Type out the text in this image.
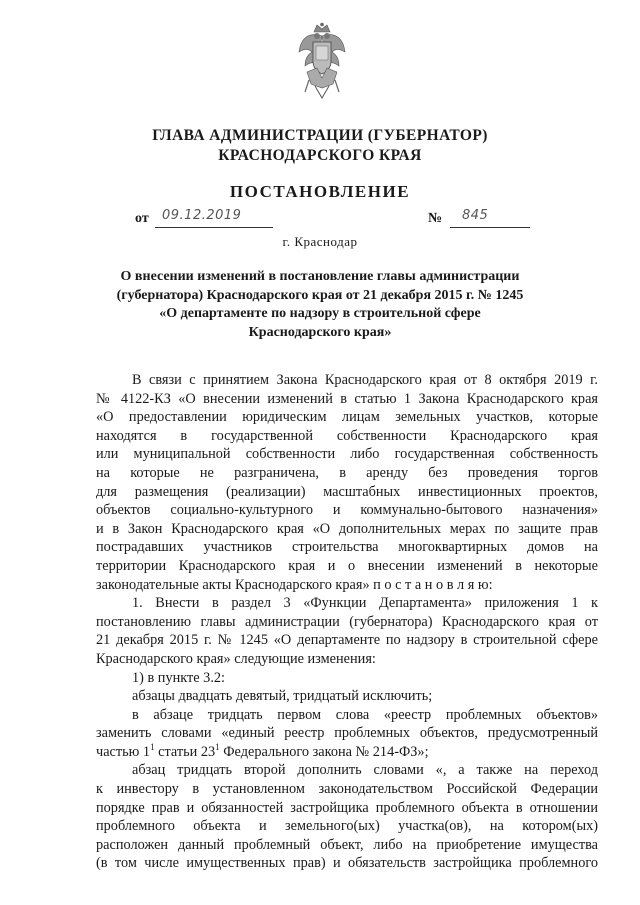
ГЛАВА АДМИНИСТРАЦИИ (ГУБЕРНАТОР)
КРАСНОДАРСКОГО КРАЯ
ПОСТАНОВЛЕНИЕ
от 09.12.2019	№ 845
г. Краснодар
О внесении изменений в постановление главы администрации
(губернатора) Краснодарского края от 21 декабря 2015 г. № 1245
«О департаменте по надзору в строительной сфере
Краснодарского края»
В связи с принятием Закона Краснодарского края от 8 октября 2019 г.
№ 4122-КЗ «О внесении изменений в статью 1 Закона Краснодарского края
«О предоставлении юридическим лицам земельных участков, которые
находятся в государственной собственности Краснодарского края
или муниципальной собственности либо государственная собственность
на которые не разграничена, в аренду без проведения торгов
для размещения (реализации) масштабных инвестиционных проектов,
объектов социально-культурного и коммунально-бытового назначения»
и в Закон Краснодарского края «О дополнительных мерах по защите прав
пострадавших участников строительства многоквартирных домов на
территории Краснодарского края и о внесении изменений в некоторые
законодательные акты Краснодарского края» п о с т а н о в л я ю:
1. Внести в раздел 3 «Функции Департамента» приложения 1 к
постановлению главы администрации (губернатора) Краснодарского края от
21 декабря 2015 г. № 1245 «О департаменте по надзору в строительной сфере
Краснодарского края» следующие изменения:
1) в пункте 3.2:
абзацы двадцать девятый, тридцатый исключить;
в абзаце тридцать первом слова «реестр проблемных объектов»
заменить словами «единый реестр проблемных объектов, предусмотренный
частью $1^1$ статьи $23^1$ Федерального закона № 214-ФЗ»;
абзац тридцать второй дополнить словами «, а также на переход
к инвестору в установленном законодательством Российской Федерации
порядке прав и обязанностей застройщика проблемного объекта в отношении
проблемного объекта и земельного(ых) участка(ов), на котором(ых)
расположен данный проблемный объект, либо на приобретение имущества
(в том числе имущественных прав) и обязательств застройщика проблемного
